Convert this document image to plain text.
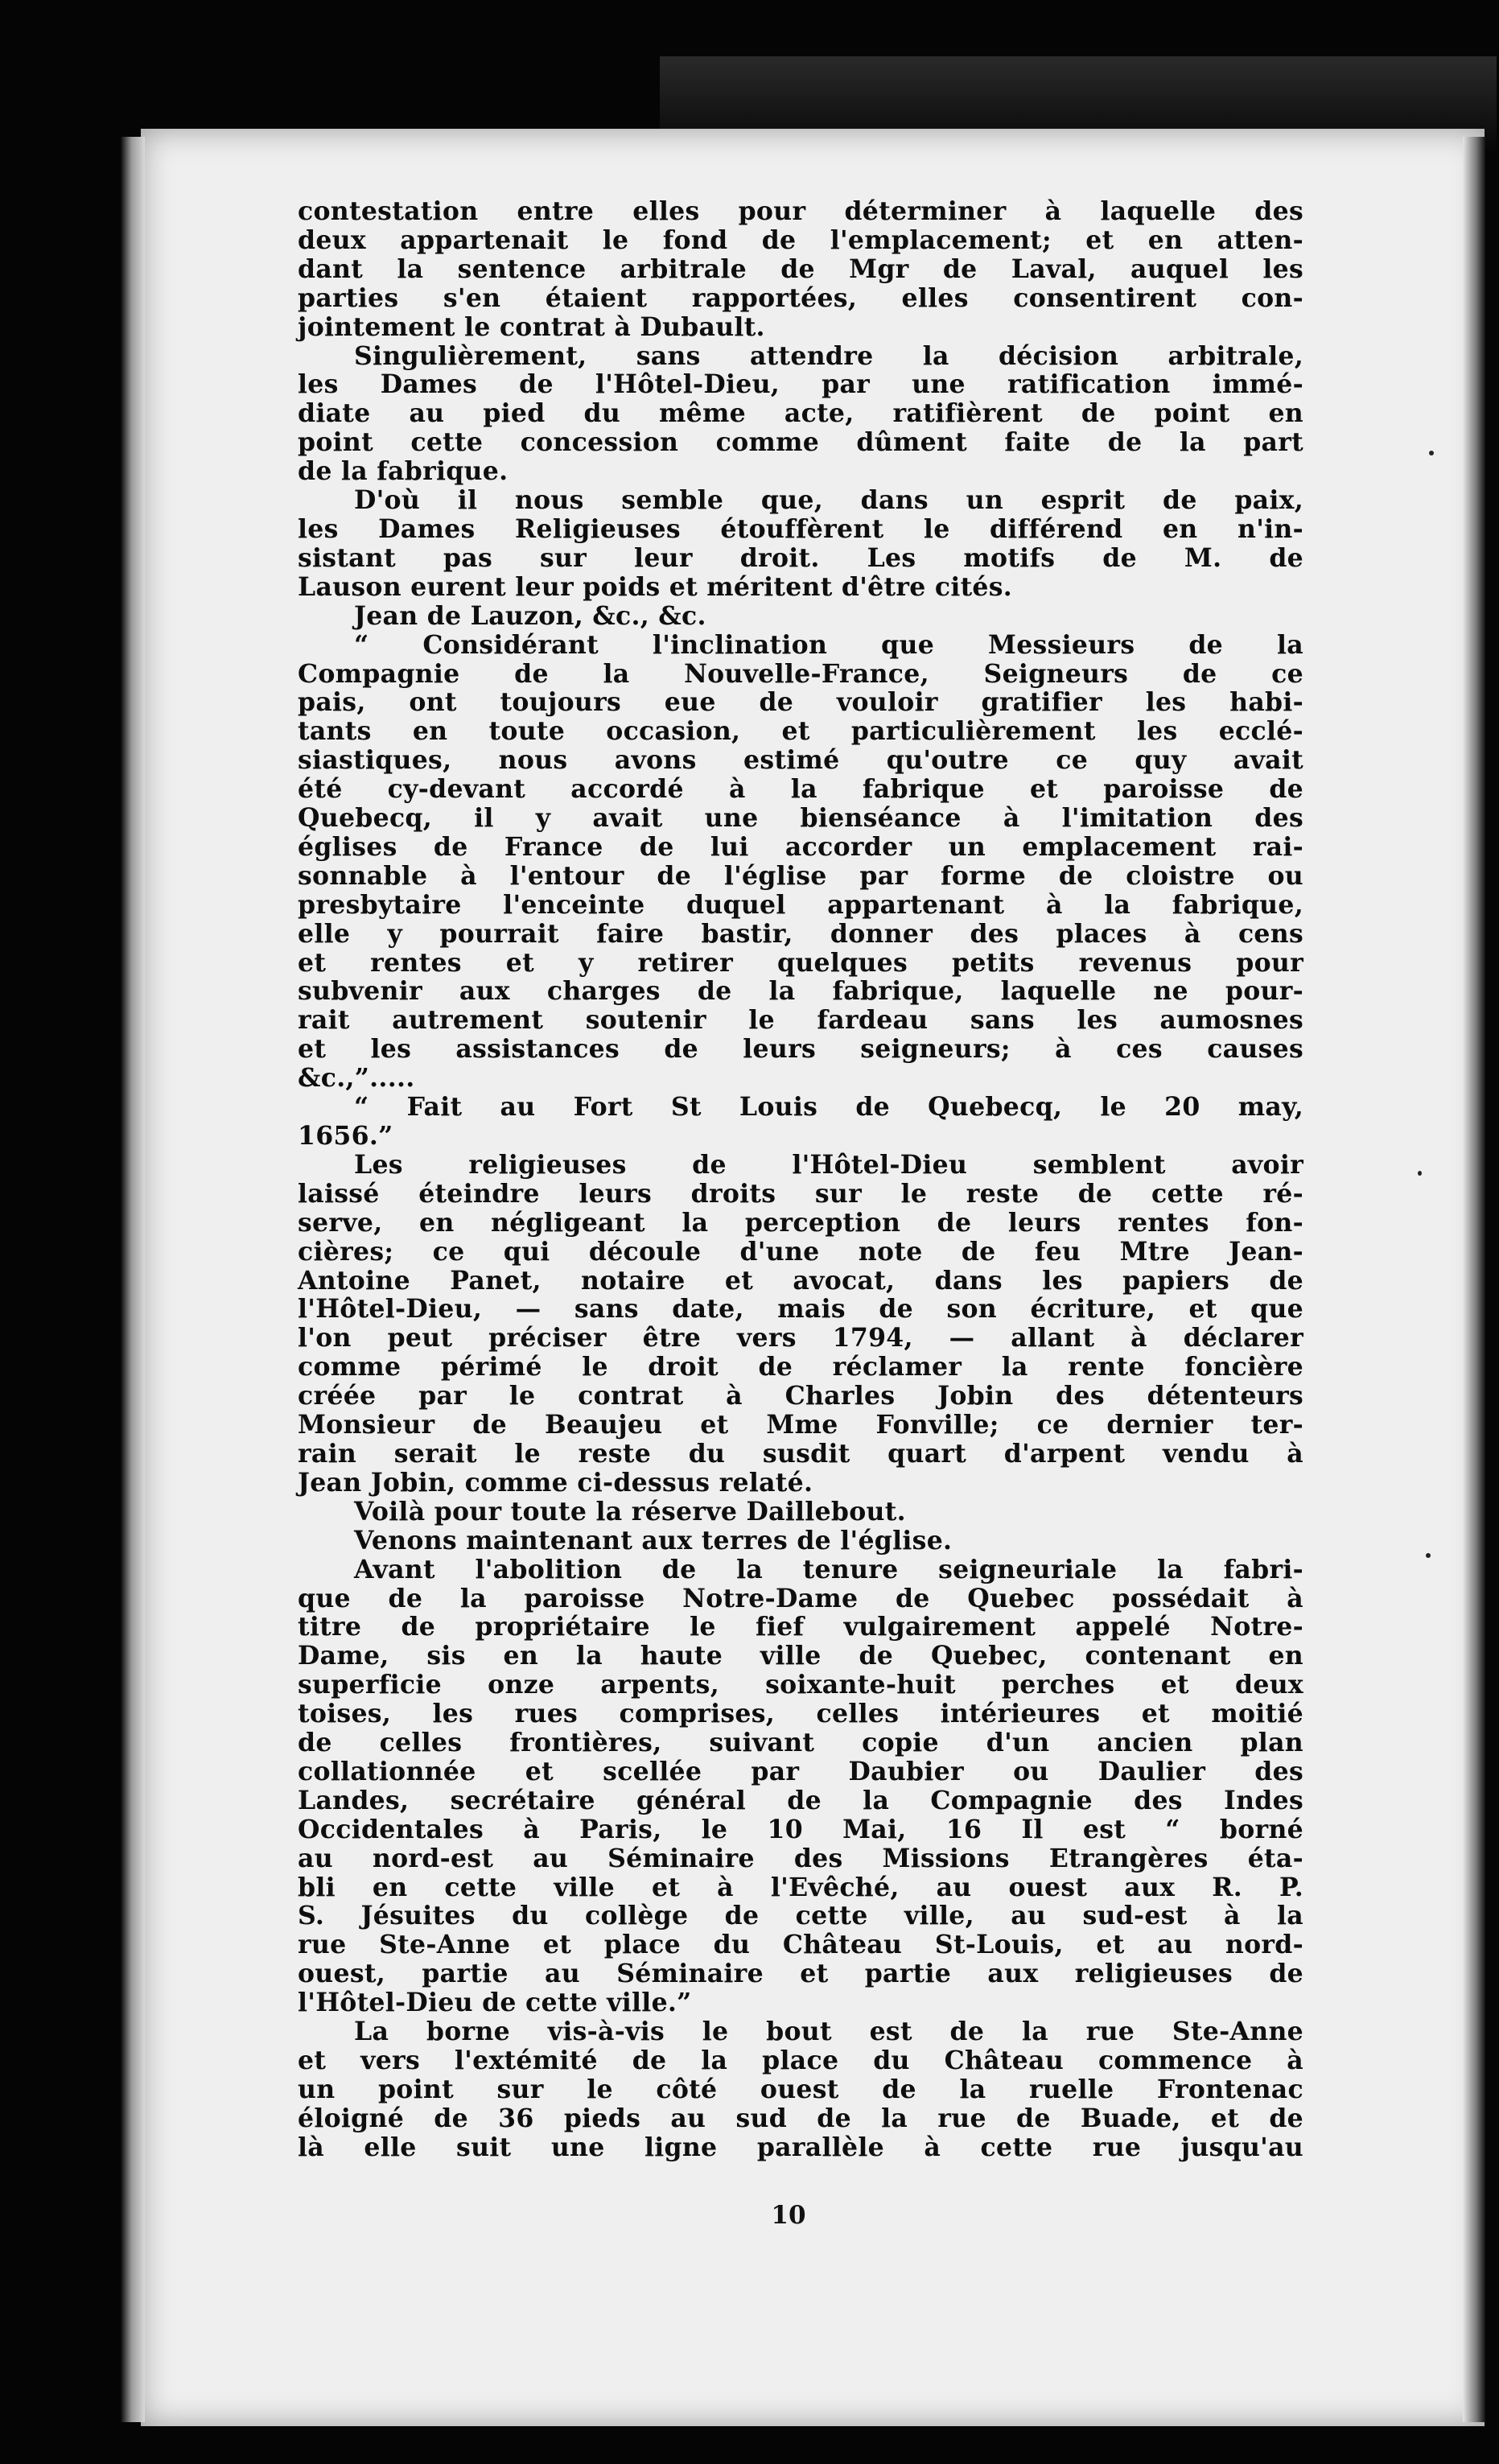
contestation entre elles pour déterminer à laquelle des
deux appartenait le fond de l'emplacement; et en atten-
dant la sentence arbitrale de Mgr de Laval, auquel les
parties s'en étaient rapportées, elles consentirent con-
jointement le contrat à Dubault.
Singulièrement, sans attendre la décision arbitrale,
les Dames de l'Hôtel-Dieu, par une ratification immé-
diate au pied du même acte, ratifièrent de point en
point cette concession comme dûment faite de la part
de la fabrique.
D'où il nous semble que, dans un esprit de paix,
les Dames Religieuses étouffèrent le différend en n'in-
sistant pas sur leur droit. Les motifs de M. de
Lauson eurent leur poids et méritent d'être cités.
Jean de Lauzon, &c., &c.
“ Considérant l'inclination que Messieurs de la
Compagnie de la Nouvelle-France, Seigneurs de ce
pais, ont toujours eue de vouloir gratifier les habi-
tants en toute occasion, et particulièrement les ecclé-
siastiques, nous avons estimé qu'outre ce quy avait
été cy-devant accordé à la fabrique et paroisse de
Quebecq, il y avait une bienséance à l'imitation des
églises de France de lui accorder un emplacement rai-
sonnable à l'entour de l'église par forme de cloistre ou
presbytaire l'enceinte duquel appartenant à la fabrique,
elle y pourrait faire bastir, donner des places à cens
et rentes et y retirer quelques petits revenus pour
subvenir aux charges de la fabrique, laquelle ne pour-
rait autrement soutenir le fardeau sans les aumosnes
et les assistances de leurs seigneurs; à ces causes
&c.,”.....
“ Fait au Fort St Louis de Quebecq, le 20 may,
1656.”
Les religieuses de l'Hôtel-Dieu semblent avoir
laissé éteindre leurs droits sur le reste de cette ré-
serve, en négligeant la perception de leurs rentes fon-
cières; ce qui découle d'une note de feu Mtre Jean-
Antoine Panet, notaire et avocat, dans les papiers de
l'Hôtel-Dieu, — sans date, mais de son écriture, et que
l'on peut préciser être vers 1794, — allant à déclarer
comme périmé le droit de réclamer la rente foncière
créée par le contrat à Charles Jobin des détenteurs
Monsieur de Beaujeu et Mme Fonville; ce dernier ter-
rain serait le reste du susdit quart d'arpent vendu à
Jean Jobin, comme ci-dessus relaté.
Voilà pour toute la réserve Daillebout.
Venons maintenant aux terres de l'église.
Avant l'abolition de la tenure seigneuriale la fabri-
que de la paroisse Notre-Dame de Quebec possédait à
titre de propriétaire le fief vulgairement appelé Notre-
Dame, sis en la haute ville de Quebec, contenant en
superficie onze arpents, soixante-huit perches et deux
toises, les rues comprises, celles intérieures et moitié
de celles frontières, suivant copie d'un ancien plan
collationnée et scellée par Daubier ou Daulier des
Landes, secrétaire général de la Compagnie des Indes
Occidentales à Paris, le 10 Mai, 16 Il est “ borné
au nord-est au Séminaire des Missions Etrangères éta-
bli en cette ville et à l'Evêché, au ouest aux R. P.
S. Jésuites du collège de cette ville, au sud-est à la
rue Ste-Anne et place du Château St-Louis, et au nord-
ouest, partie au Séminaire et partie aux religieuses de
l'Hôtel-Dieu de cette ville.”
La borne vis-à-vis le bout est de la rue Ste-Anne
et vers l'extémité de la place du Château commence à
un point sur le côté ouest de la ruelle Frontenac
éloigné de 36 pieds au sud de la rue de Buade, et de
là elle suit une ligne parallèle à cette rue jusqu'au
10
